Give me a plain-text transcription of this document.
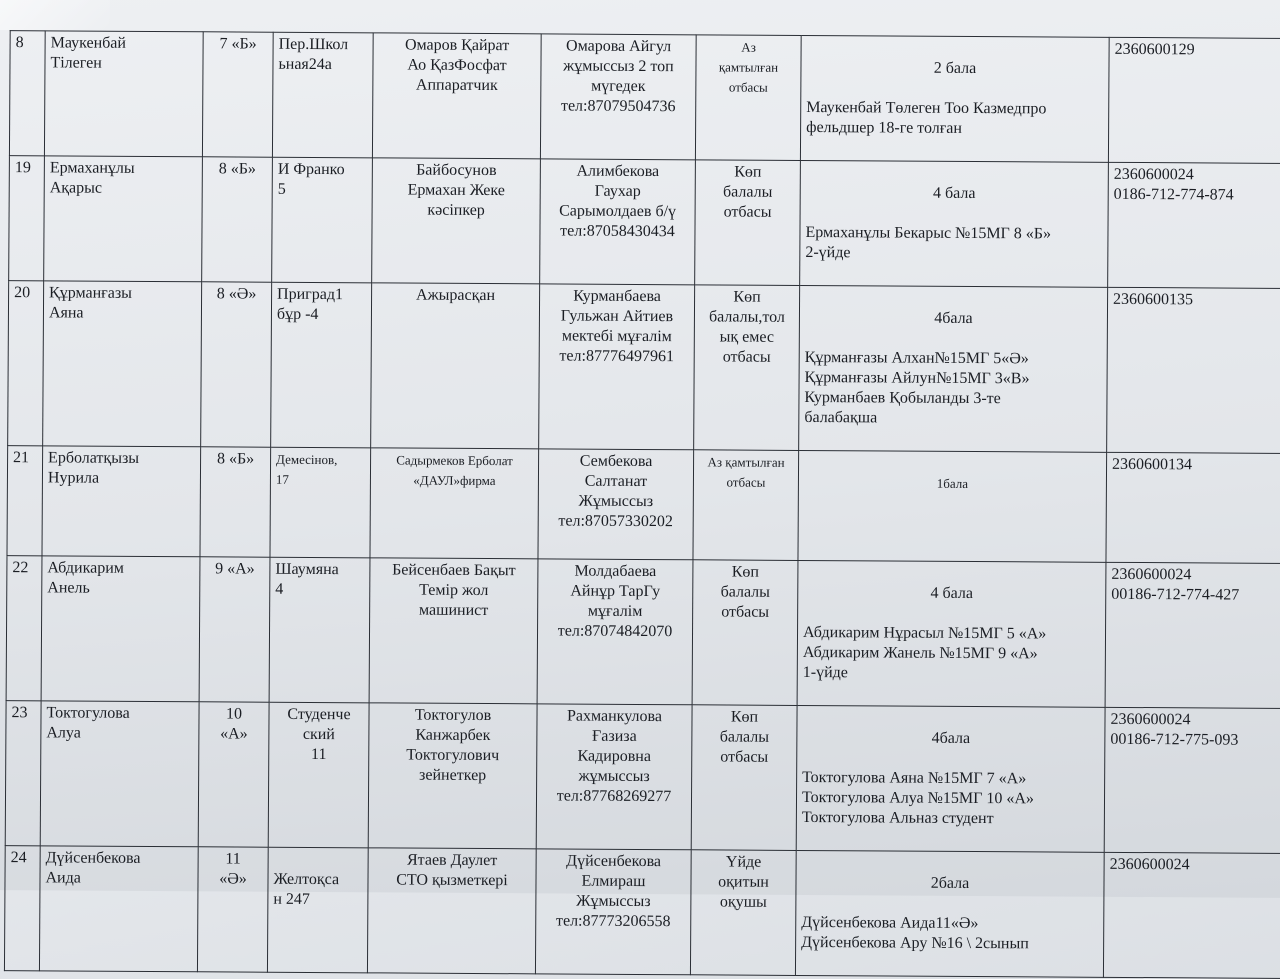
8	Маукенбай
Тілеген	7 «Б»	Пер.Школ
ьная24а	Омаров Қайрат
Ао ҚазФосфат
Аппаратчик	Омарова Айгул
жұмыссыз 2 топ
мүгедек
тел:87079504736	Аз
қамтылған
отбасы	2 бала

Маукенбай Төлеген Тоо Казмедпро
фельдшер 18-ге толған	2360600129
19	Ермаханұлы
Ақарыс	8 «Б»	И Франко
5	Байбосунов
Ермахан Жеке
кәсіпкер	Алимбекова
Гаухар
Сарымолдаев б/ү
тел:87058430434	Көп
балалы
отбасы	4 бала

Ермаханұлы Бекарыс №15МГ 8 «Б»
2-үйде	2360600024
0186-712-774-874
20	Құрманғазы
Аяна	8 «Ә»	Приград1
бұр -4	Ажырасқан	Курманбаева
Гульжан Айтиев
мектебі мұғалім
тел:87776497961	Көп
балалы,тол
ық емес
отбасы	4бала

Құрманғазы Алхан№15МГ 5«Ә»
Құрманғазы Айлун№15МГ 3«В»
Курманбаев Қобыланды 3-те
балабақша	2360600135
21	Ерболатқызы
Нурила	8 «Б»	Демесінов,
17	Садырмеков Ерболат
«ДАУЛ»фирма	Сембекова
Салтанат
Жұмыссыз
тел:87057330202	Аз қамтылған
отбасы	1бала	2360600134
22	Абдикарим
Анель	9 «А»	Шаумяна
4	Бейсенбаев Бақыт
Темір жол
машинист	Молдабаева
Айнұр ТарГу
мұғалім
тел:87074842070	Көп
балалы
отбасы	4 бала

Абдикарим Нұрасыл №15МГ 5 «А»
Абдикарим Жанель №15МГ 9 «А»
1-үйде	2360600024
00186-712-774-427
23	Токтогулова
Алуа	10
«А»	Студенче
ский
11	Токтогулов
Канжарбек
Токтогулович
зейнеткер	Рахманкулова
Ғазиза
Кадировна
жұмыссыз
тел:87768269277	Көп
балалы
отбасы	4бала

Токтогулова Аяна №15МГ 7 «А»
Токтогулова Алуа №15МГ 10 «А»
Токтогулова Альназ студент	2360600024
00186-712-775-093
24	Дүйсенбекова
Аида	11
«Ә»	
Желтоқса
н 247	Ятаев Даулет
СТО қызметкері	Дүйсенбекова
Елмираш
Жұмыссыз
тел:87773206558	Үйде
оқитын
оқушы	2бала

Дүйсенбекова Аида11«Ә»
Дүйсенбекова Ару №16 \ 2сынып	2360600024
